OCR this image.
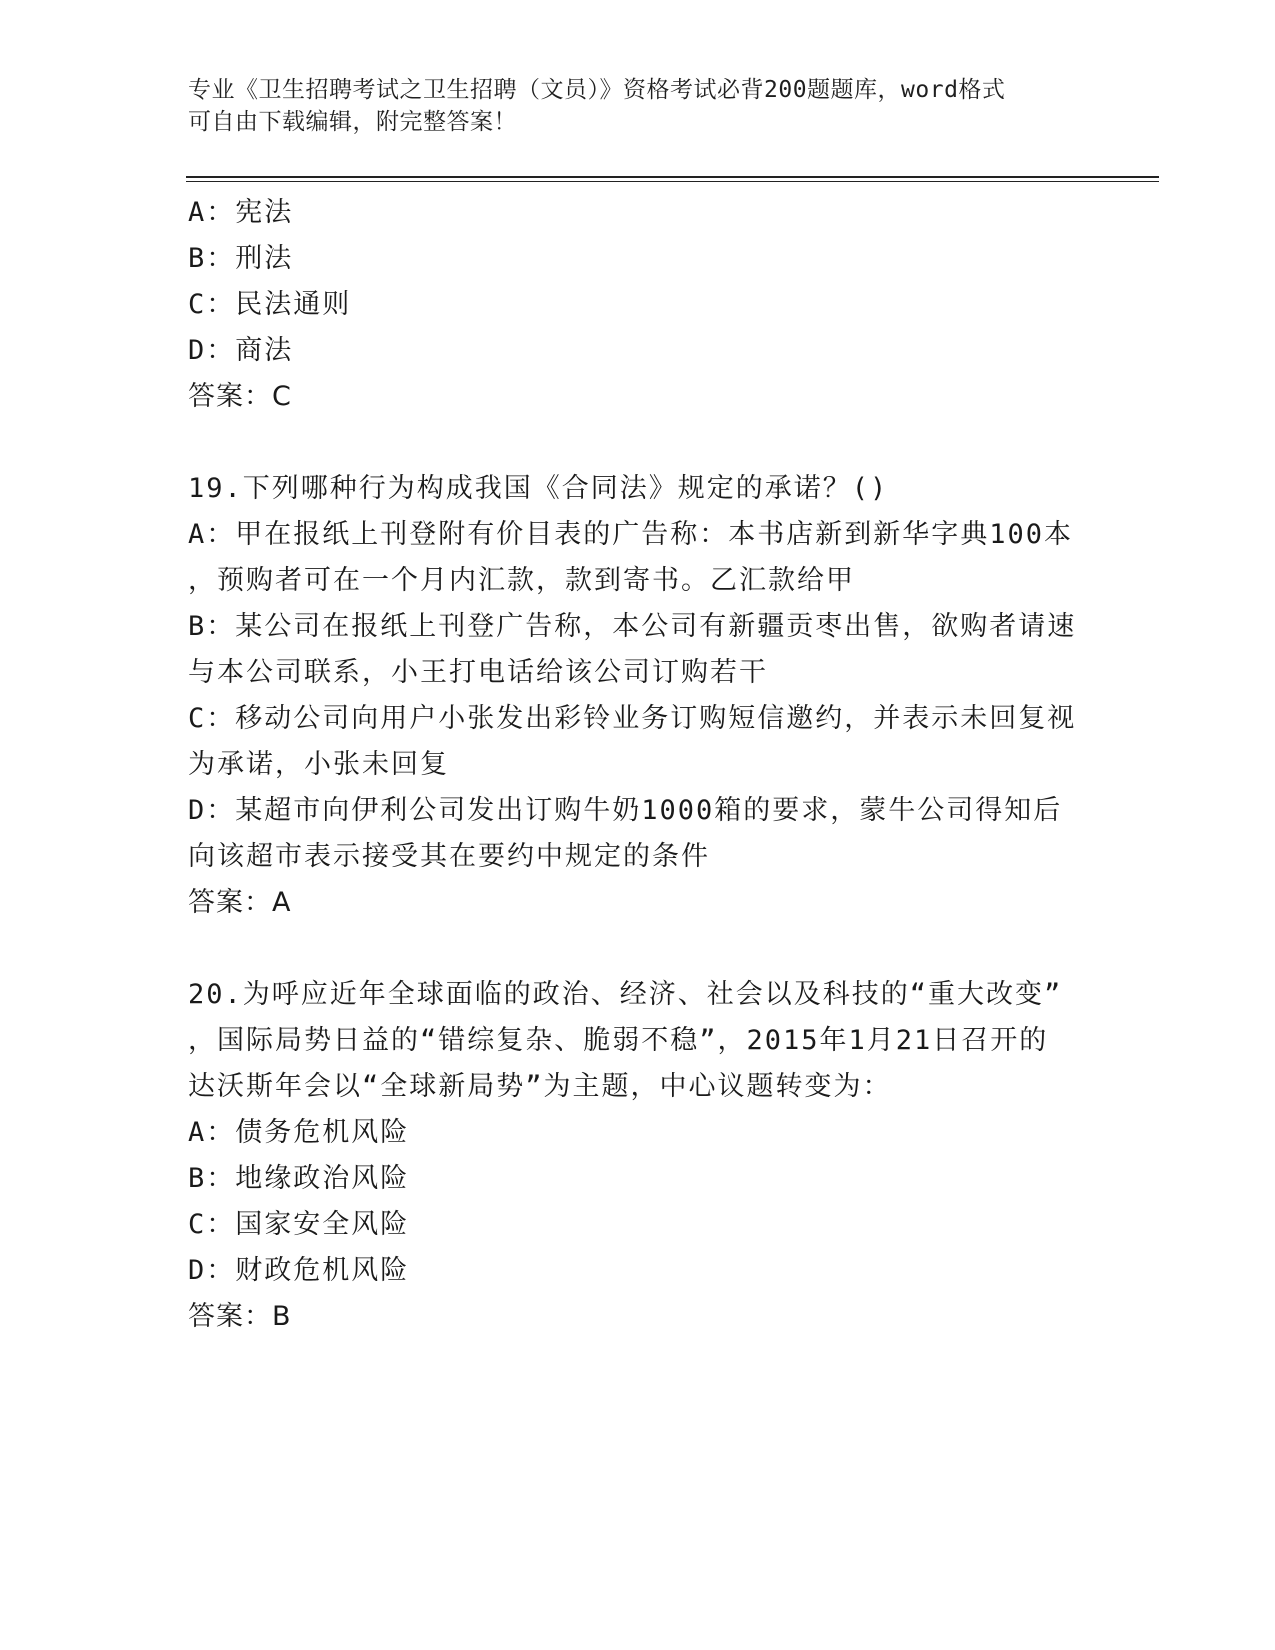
专业《卫生招聘考试之卫生招聘（文员）》资格考试必背200题题库，word格式
可自由下载编辑，附完整答案！
A：宪法
B：刑法
C：民法通则
D：商法
答案：C
19.下列哪种行为构成我国《合同法》规定的承诺？()
A：甲在报纸上刊登附有价目表的广告称：本书店新到新华字典100本
，预购者可在一个月内汇款，款到寄书。乙汇款给甲
B：某公司在报纸上刊登广告称，本公司有新疆贡枣出售，欲购者请速
与本公司联系，小王打电话给该公司订购若干
C：移动公司向用户小张发出彩铃业务订购短信邀约，并表示未回复视
为承诺，小张未回复
D：某超市向伊利公司发出订购牛奶1000箱的要求，蒙牛公司得知后
向该超市表示接受其在要约中规定的条件
答案：A
20.为呼应近年全球面临的政治、经济、社会以及科技的“重大改变”
，国际局势日益的“错综复杂、脆弱不稳”，2015年1月21日召开的
达沃斯年会以“全球新局势”为主题，中心议题转变为：
A：债务危机风险
B：地缘政治风险
C：国家安全风险
D：财政危机风险
答案：B
